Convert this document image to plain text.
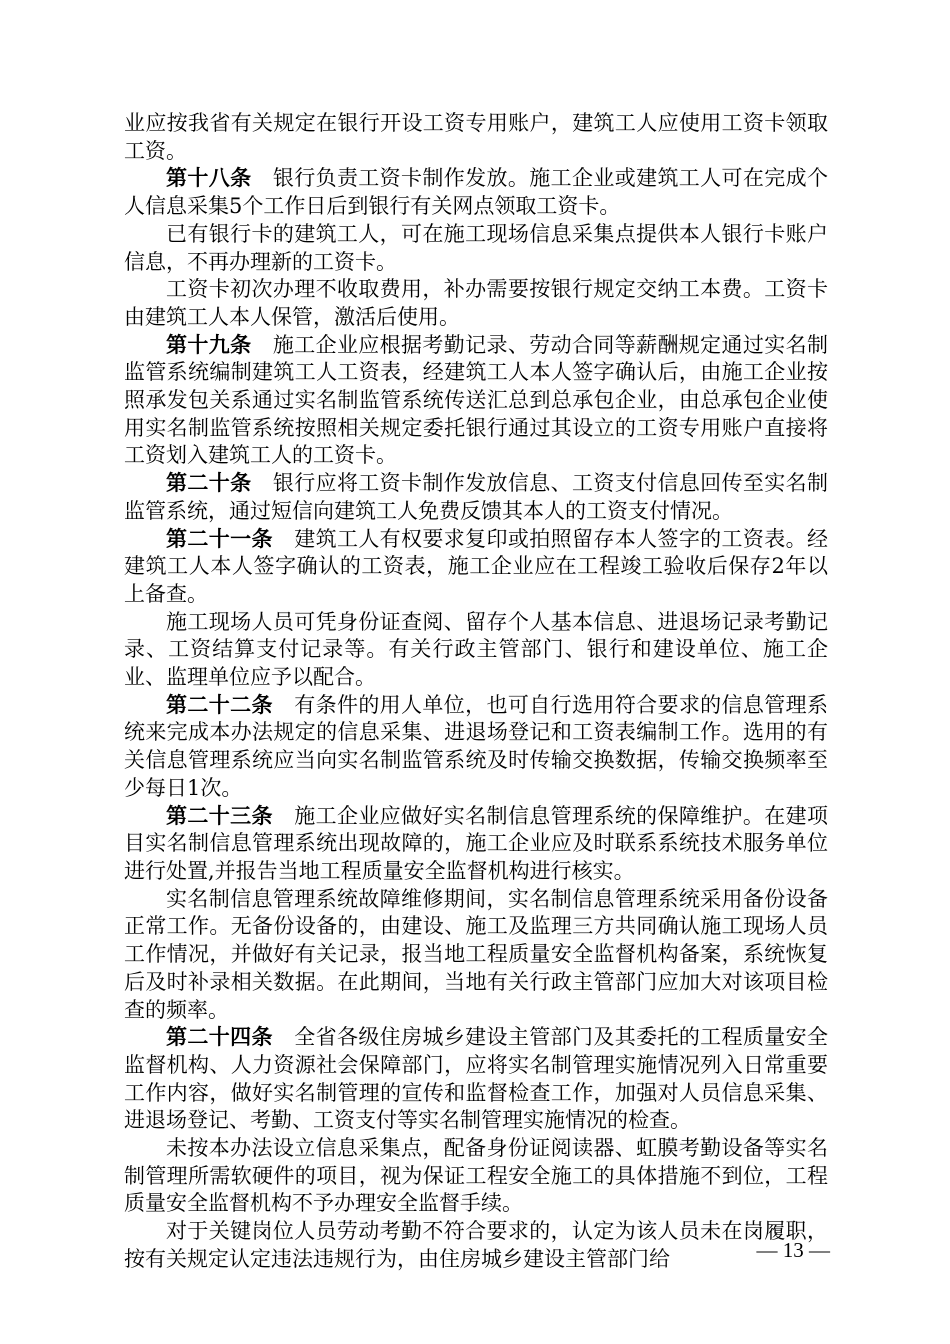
业应按我省有关规定在银行开设工资专用账户，建筑工人应使用工资卡领取工资。

第十八条　 银行负责工资卡制作发放。施工企业或建筑工人可在完成个人信息采集5个工作日后到银行有关网点领取工资卡。

已有银行卡的建筑工人，可在施工现场信息采集点提供本人银行卡账户信息，不再办理新的工资卡。

工资卡初次办理不收取费用，补办需要按银行规定交纳工本费。工资卡由建筑工人本人保管，激活后使用。

第十九条　 施工企业应根据考勤记录、劳动合同等薪酬规定通过实名制监管系统编制建筑工人工资表，经建筑工人本人签字确认后，由施工企业按照承发包关系通过实名制监管系统传送汇总到总承包企业，由总承包企业使用实名制监管系统按照相关规定委托银行通过其设立的工资专用账户直接将工资划入建筑工人的工资卡。

第二十条　 银行应将工资卡制作发放信息、工资支付信息回传至实名制监管系统，通过短信向建筑工人免费反馈其本人的工资支付情况。

第二十一条　 建筑工人有权要求复印或拍照留存本人签字的工资表。经建筑工人本人签字确认的工资表，施工企业应在工程竣工验收后保存2年以上备查。

施工现场人员可凭身份证查阅、留存个人基本信息、进退场记录考勤记录、工资结算支付记录等。有关行政主管部门、银行和建设单位、施工企业、监理单位应予以配合。

第二十二条　 有条件的用人单位，也可自行选用符合要求的信息管理系统来完成本办法规定的信息采集、进退场登记和工资表编制工作。选用的有关信息管理系统应当向实名制监管系统及时传输交换数据，传输交换频率至少每日1次。

第二十三条　 施工企业应做好实名制信息管理系统的保障维护。在建项目实名制信息管理系统出现故障的，施工企业应及时联系系统技术服务单位进行处置,并报告当地工程质量安全监督机构进行核实。

实名制信息管理系统故障维修期间，实名制信息管理系统采用备份设备正常工作。无备份设备的，由建设、施工及监理三方共同确认施工现场人员工作情况，并做好有关记录，报当地工程质量安全监督机构备案，系统恢复后及时补录相关数据。在此期间，当地有关行政主管部门应加大对该项目检查的频率。

第二十四条　 全省各级住房城乡建设主管部门及其委托的工程质量安全监督机构、人力资源社会保障部门，应将实名制管理实施情况列入日常重要工作内容，做好实名制管理的宣传和监督检查工作，加强对人员信息采集、进退场登记、考勤、工资支付等实名制管理实施情况的检查。

未按本办法设立信息采集点，配备身份证阅读器、虹膜考勤设备等实名制管理所需软硬件的项目，视为保证工程安全施工的具体措施不到位，工程质量安全监督机构不予办理安全监督手续。

对于关键岗位人员劳动考勤不符合要求的，认定为该人员未在岗履职，按有关规定认定违法违规行为，由住房城乡建设主管部门给	— 13 —
